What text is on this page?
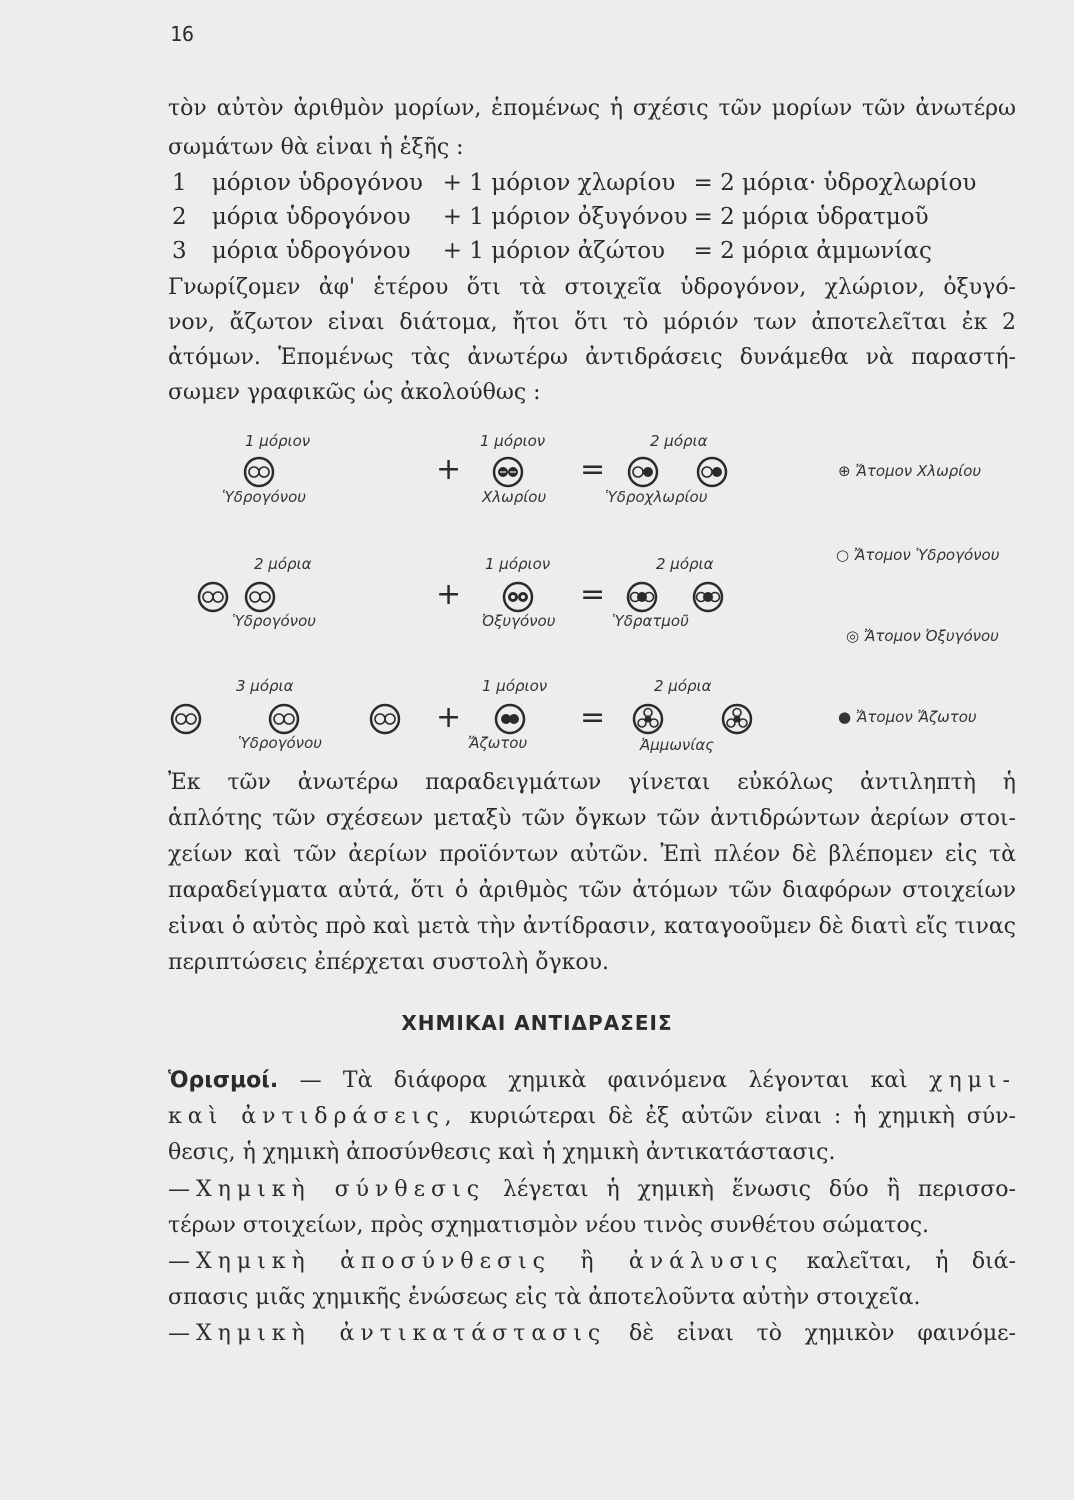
16
τὸν αὐτὸν ἀριθμὸν μορίων, ἑπομένως ἡ σχέσις τῶν μορίων τῶν ἀνωτέρω
σωμάτων θὰ εἶναι ἡ ἑξῆς :
1	μόριον ὑδρογόνου + 1 μόριον χλωρίου = 2 μόρια· ὑδροχλωρίου
2	μόρια ὑδρογόνου	+ 1 μόριον ὀξυγόνου = 2 μόρια ὑδρατμοῦ
3	μόρια ὑδρογόνου	+ 1 μόριον ἀζώτου	= 2 μόρια ἀμμωνίας
Γνωρίζομεν ἀφ' ἑτέρου ὅτι τὰ στοιχεῖα ὑδρογόνον, χλώριον, ὀξυγό-
νον, ἄζωτον εἶναι διάτομα, ἤτοι ὅτι τὸ μόριόν των ἀποτελεῖται ἐκ 2
ἀτόμων. Ἑπομένως τὰς ἀνωτέρω ἀντιδράσεις δυνάμεθα νὰ παραστή-
σωμεν γραφικῶς ὡς ἀκολούθως :
1 μόριον	1 μόριον	2 μόρια
Ὑδρογόνου	Χλωρίου	Ὑδροχλωρίου
⊕ Ἄτομον Χλωρίου
+	=
2 μόρια	1 μόριον	2 μόρια
Ὑδρογόνου	Ὀξυγόνου	Ὑδρατμοῦ
○ Ἄτομον Ὑδρογόνου
◎ Ἄτομον Ὀξυγόνου
+	=
3 μόρια	1 μόριον	2 μόρια
Ὑδρογόνου	Ἄζωτου	Ἀμμωνίας
● Ἄτομον Ἄζωτου
+	=
Ἐκ τῶν ἀνωτέρω παραδειγμάτων γίνεται εὐκόλως ἀντιληπτὴ ἡ
ἁπλότης τῶν σχέσεων μεταξὺ τῶν ὄγκων τῶν ἀντιδρώντων ἀερίων στοι-
χείων καὶ τῶν ἀερίων προϊόντων αὐτῶν. Ἐπὶ πλέον δὲ βλέπομεν εἰς τὰ
παραδείγματα αὐτά, ὅτι ὁ ἀριθμὸς τῶν ἀτόμων τῶν διαφόρων στοιχείων
εἶναι ὁ αὐτὸς πρὸ καὶ μετὰ τὴν ἀντίδρασιν, καταγοοῦμεν δὲ διατὶ εἴς τινας
περιπτώσεις ἐπέρχεται συστολὴ ὄγκου.
ΧΗΜΙΚΑΙ ΑΝΤΙΔΡΑΣΕΙΣ
Ὁρισμοί. — Τὰ διάφορα χημικὰ φαινόμενα λέγονται καὶ χημι-
καὶ ἀντιδράσεις, κυριώτεραι δὲ ἐξ αὐτῶν εἶναι : ἡ χημικὴ σύν-
θεσις, ἡ χημικὴ ἀποσύνθεσις καὶ ἡ χημικὴ ἀντικατάστασις.
—Χημικὴ σύνθεσις λέγεται ἡ χημικὴ ἕνωσις δύο ἢ περισσο-
τέρων στοιχείων, πρὸς σχηματισμὸν νέου τινὸς συνθέτου σώματος.
—Χημικὴ ἀποσύνθεσις ἢ ἀνάλυσις καλεῖται, ἡ διά-
σπασις μιᾶς χημικῆς ἑνώσεως εἰς τὰ ἀποτελοῦντα αὐτὴν στοιχεῖα.
—Χημικὴ ἀντικατάστασις δὲ εἶναι τὸ χημικὸν φαινόμε-
